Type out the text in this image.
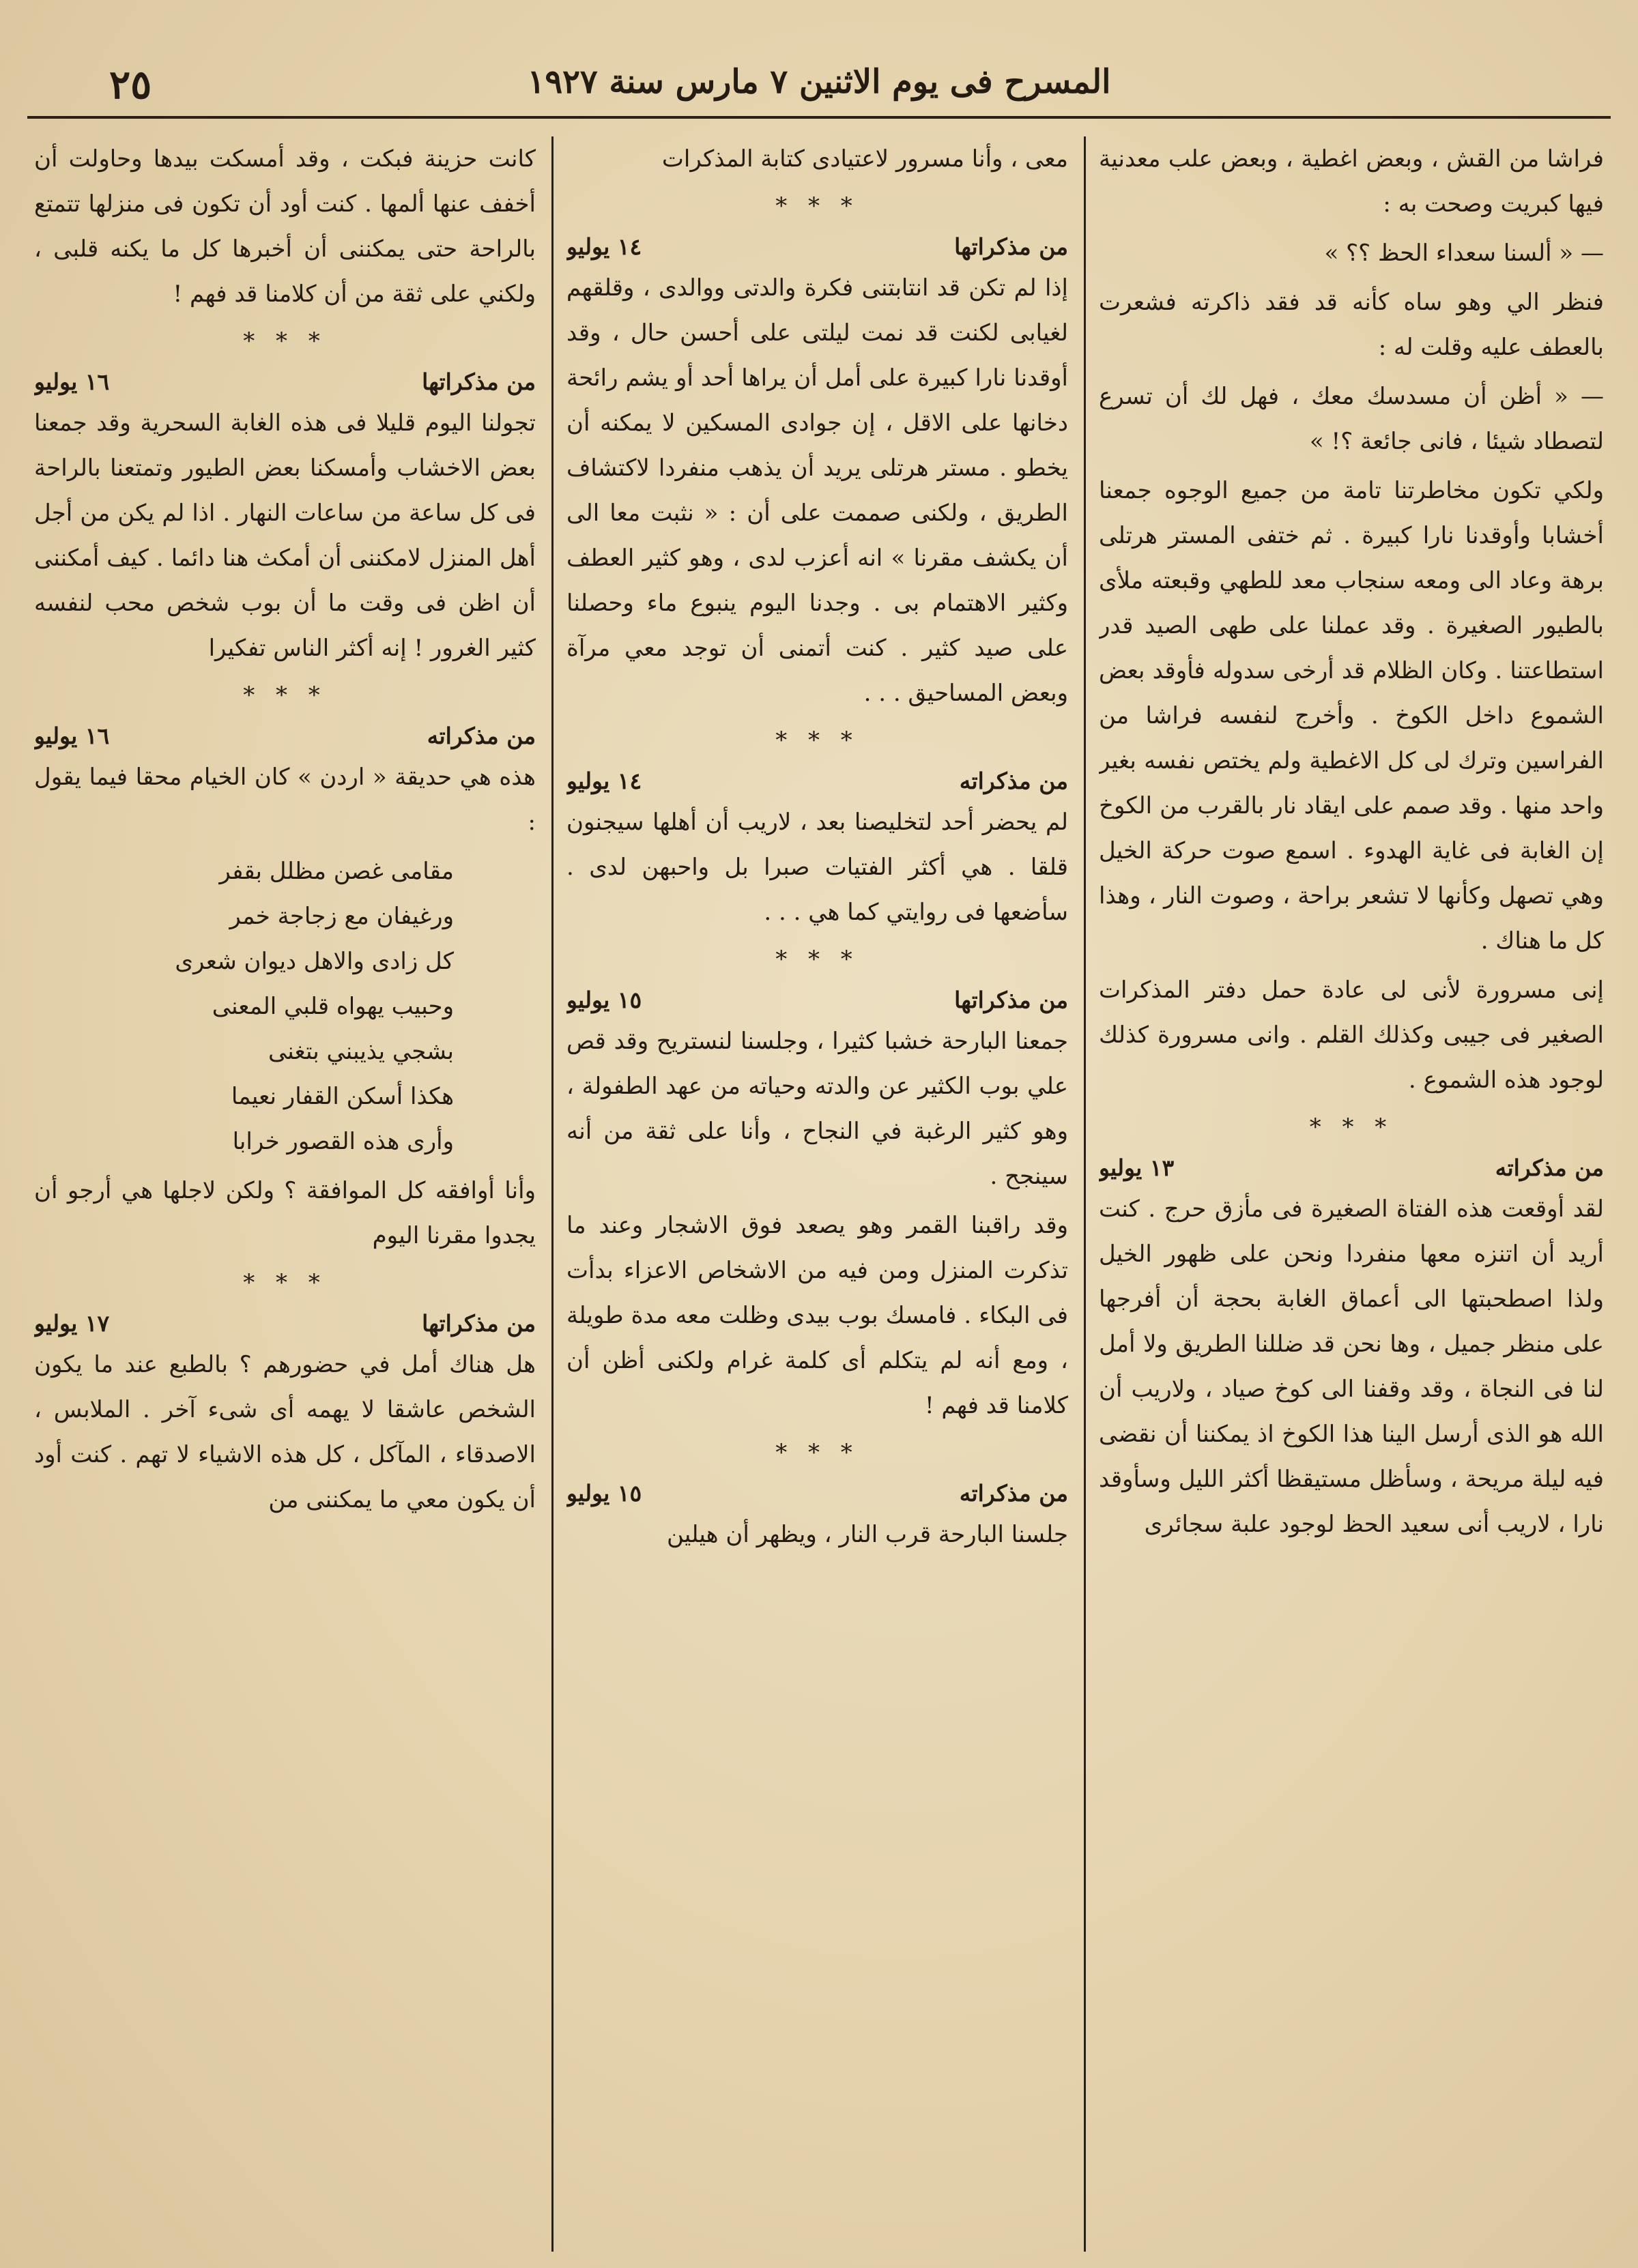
٢٥	المسرح فى يوم الاثنين ٧ مارس سنة ١٩٢٧

فراشا من القش ، وبعض اغطية ، وبعض علب معدنية فيها كبريت وصحت به :

— « ألسنا سعداء الحظ ؟؟ »

فنظر الي وهو ساه كأنه قد فقد ذاكرته فشعرت بالعطف عليه وقلت له :

— « أظن أن مسدسك معك ، فهل لك أن تسرع لتصطاد شيئا ، فانى جائعة ؟! »

ولكي تكون مخاطرتنا تامة من جميع الوجوه جمعنا أخشابا وأوقدنا نارا كبيرة . ثم ختفى المستر هرتلى برهة وعاد الى ومعه سنجاب معد للطهي وقبعته ملأى بالطيور الصغيرة . وقد عملنا على طهى الصيد قدر استطاعتنا . وكان الظلام قد أرخى سدوله فأوقد بعض الشموع داخل الكوخ . وأخرج لنفسه فراشا من الفراسين وترك لى كل الاغطية ولم يختص نفسه بغير واحد منها . وقد صمم على ايقاد نار بالقرب من الكوخ إن الغابة فى غاية الهدوء . اسمع صوت حركة الخيل وهي تصهل وكأنها لا تشعر براحة ، وصوت النار ، وهذا كل ما هناك .

إنى مسرورة لأنى لى عادة حمل دفتر المذكرات الصغير فى جيبى وكذلك القلم . وانى مسرورة كذلك لوجود هذه الشموع .

* * *
من مذكراته
١٣ يوليو

لقد أوقعت هذه الفتاة الصغيرة فى مأزق حرج . كنت أريد أن اتنزه معها منفردا ونحن على ظهور الخيل ولذا اصطحبتها الى أعماق الغابة بحجة أن أفرجها على منظر جميل ، وها نحن قد ضللنا الطريق ولا أمل لنا فى النجاة ، وقد وقفنا الى كوخ صياد ، ولاريب أن الله هو الذى أرسل الينا هذا الكوخ اذ يمكننا أن نقضى فيه ليلة مريحة ، وسأظل مستيقظا أكثر الليل وسأوقد نارا ، لاريب أنى سعيد الحظ لوجود علبة سجائرى

معى ، وأنا مسرور لاعتيادى كتابة المذكرات

* * *
من مذكراتها
١٤ يوليو

إذا لم تكن قد انتابتنى فكرة والدتى ووالدى ، وقلقهم لغيابى لكنت قد نمت ليلتى على أحسن حال ، وقد أوقدنا نارا كبيرة على أمل أن يراها أحد أو يشم رائحة دخانها على الاقل ، إن جوادى المسكين لا يمكنه أن يخطو . مستر هرتلى يريد أن يذهب منفردا لاكتشاف الطريق ، ولكنى صممت على أن : « نثبت معا الى أن يكشف مقرنا » انه أعزب لدى ، وهو كثير العطف وكثير الاهتمام بى . وجدنا اليوم ينبوع ماء وحصلنا على صيد كثير . كنت أتمنى أن توجد معي مرآة وبعض المساحيق . . .

* * *
من مذكراته
١٤ يوليو

لم يحضر أحد لتخليصنا بعد ، لاريب أن أهلها سيجنون قلقا . هي أكثر الفتيات صبرا بل واحبهن لدى . سأضعها فى روايتي كما هي . . .

* * *
من مذكراتها
١٥ يوليو

جمعنا البارحة خشبا كثيرا ، وجلسنا لنستريح وقد قص علي بوب الكثير عن والدته وحياته من عهد الطفولة ، وهو كثير الرغبة في النجاح ، وأنا على ثقة من أنه سينجح .

وقد راقبنا القمر وهو يصعد فوق الاشجار وعند ما تذكرت المنزل ومن فيه من الاشخاص الاعزاء بدأت فى البكاء . فامسك بوب بيدى وظلت معه مدة طويلة ، ومع أنه لم يتكلم أى كلمة غرام ولكنى أظن أن كلامنا قد فهم !

* * *
من مذكراته
١٥ يوليو

جلسنا البارحة قرب النار ، ويظهر أن هيلين

كانت حزينة فبكت ، وقد أمسكت بيدها وحاولت أن أخفف عنها ألمها . كنت أود أن تكون فى منزلها تتمتع بالراحة حتى يمكننى أن أخبرها كل ما يكنه قلبى ، ولكني على ثقة من أن كلامنا قد فهم !

* * *
من مذكراتها
١٦ يوليو

تجولنا اليوم قليلا فى هذه الغابة السحرية وقد جمعنا بعض الاخشاب وأمسكنا بعض الطيور وتمتعنا بالراحة فى كل ساعة من ساعات النهار . اذا لم يكن من أجل أهل المنزل لامكننى أن أمكث هنا دائما . كيف أمكننى أن اظن فى وقت ما أن بوب شخص محب لنفسه كثير الغرور ! إنه أكثر الناس تفكيرا

* * *
من مذكراته
١٦ يوليو

هذه هي حديقة « اردن » كان الخيام محقا فيما يقول :

مقامى غصن مظلل بقفر
ورغيفان مع زجاجة خمر
كل زادى والاهل ديوان شعرى
وحبيب يهواه قلبي المعنى
بشجي يذيبني بتغنى
هكذا أسكن القفار نعيما
وأرى هذه القصور خرابا

وأنا أوافقه كل الموافقة ؟ ولكن لاجلها هي أرجو أن يجدوا مقرنا اليوم

* * *
من مذكراتها
١٧ يوليو

هل هناك أمل في حضورهم ؟ بالطبع عند ما يكون الشخص عاشقا لا يهمه أى شىء آخر . الملابس ، الاصدقاء ، المآكل ، كل هذه الاشياء لا تهم . كنت أود أن يكون معي ما يمكننى من
